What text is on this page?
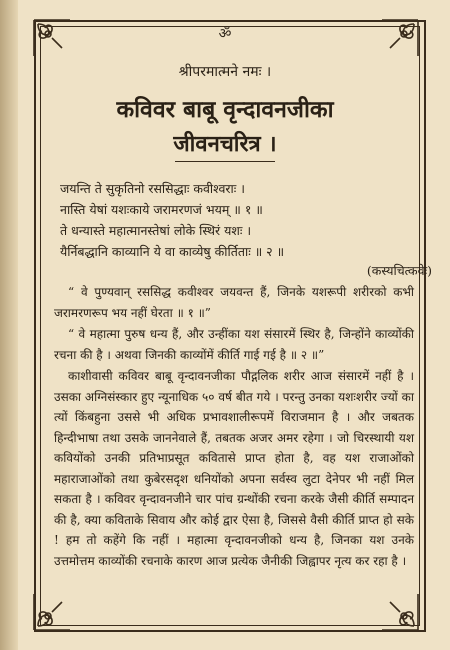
ॐ
श्रीपरमात्मने नमः ।
कविवर बाबू वृन्दावनजीका
जीवनचरित्र ।
जयन्ति ते सुकृतिनो रससिद्धाः कवीश्वराः ।
नास्ति येषां यशःकाये जरामरणजं भयम् ॥ १ ॥
ते धन्यास्ते महात्मानस्तेषां लोके स्थिरं यशः ।
यैर्निबद्धानि काव्यानि ये वा काव्येषु कीर्तिताः ॥ २ ॥
(कस्यचित्कवेः)

“ वे पुण्यवान्‌ रससिद्ध कवीश्वर जयवन्त हैं, जिनके यशरूपी शरीरको कभी जरामरणरूप भय नहीं घेरता ॥ १ ॥”

“ वे महात्मा पुरुष धन्य हैं, और उन्हींका यश संसारमें स्थिर है, जिन्होंने काव्योंकी रचना की है । अथवा जिनकी काव्योंमें कीर्ति गाई गई है ॥ २ ॥”

काशीवासी कविवर बाबू वृन्दावनजीका पौद्गलिक शरीर आज संसारमें नहीं है । उसका अग्निसंस्कार हुए न्यूनाधिक ५० वर्ष बीत गये । परन्तु उनका यशःशरीर ज्यों का त्यों किंबहुना उससे भी अधिक प्रभावशालीरूपमें विराजमान है । और जबतक हिन्दीभाषा तथा उसके जाननेवाले हैं, तबतक अजर अमर रहेगा । जो चिरस्थायी यश कवियोंको उनकी प्रतिभाप्रसूत कवितासे प्राप्त होता है, वह यश राजाओंको महाराजाओंको तथा कुबेरसदृश धनियोंको अपना सर्वस्व लुटा देनेपर भी नहीं मिल सकता है । कविवर वृन्दावनजीने चार पांच ग्रन्थोंकी रचना करके जैसी कीर्ति सम्पादन की है, क्या कविताके सिवाय और कोई द्वार ऐसा है, जिससे वैसी कीर्ति प्राप्त हो सके ! हम तो कहेंगे कि नहीं । महात्मा वृन्दावनजीको धन्य है, जिनका यश उनके उत्तमोत्तम काव्योंकी रचनाके कारण आज प्रत्येक जैनीकी जिह्वापर नृत्य कर रहा है ।
